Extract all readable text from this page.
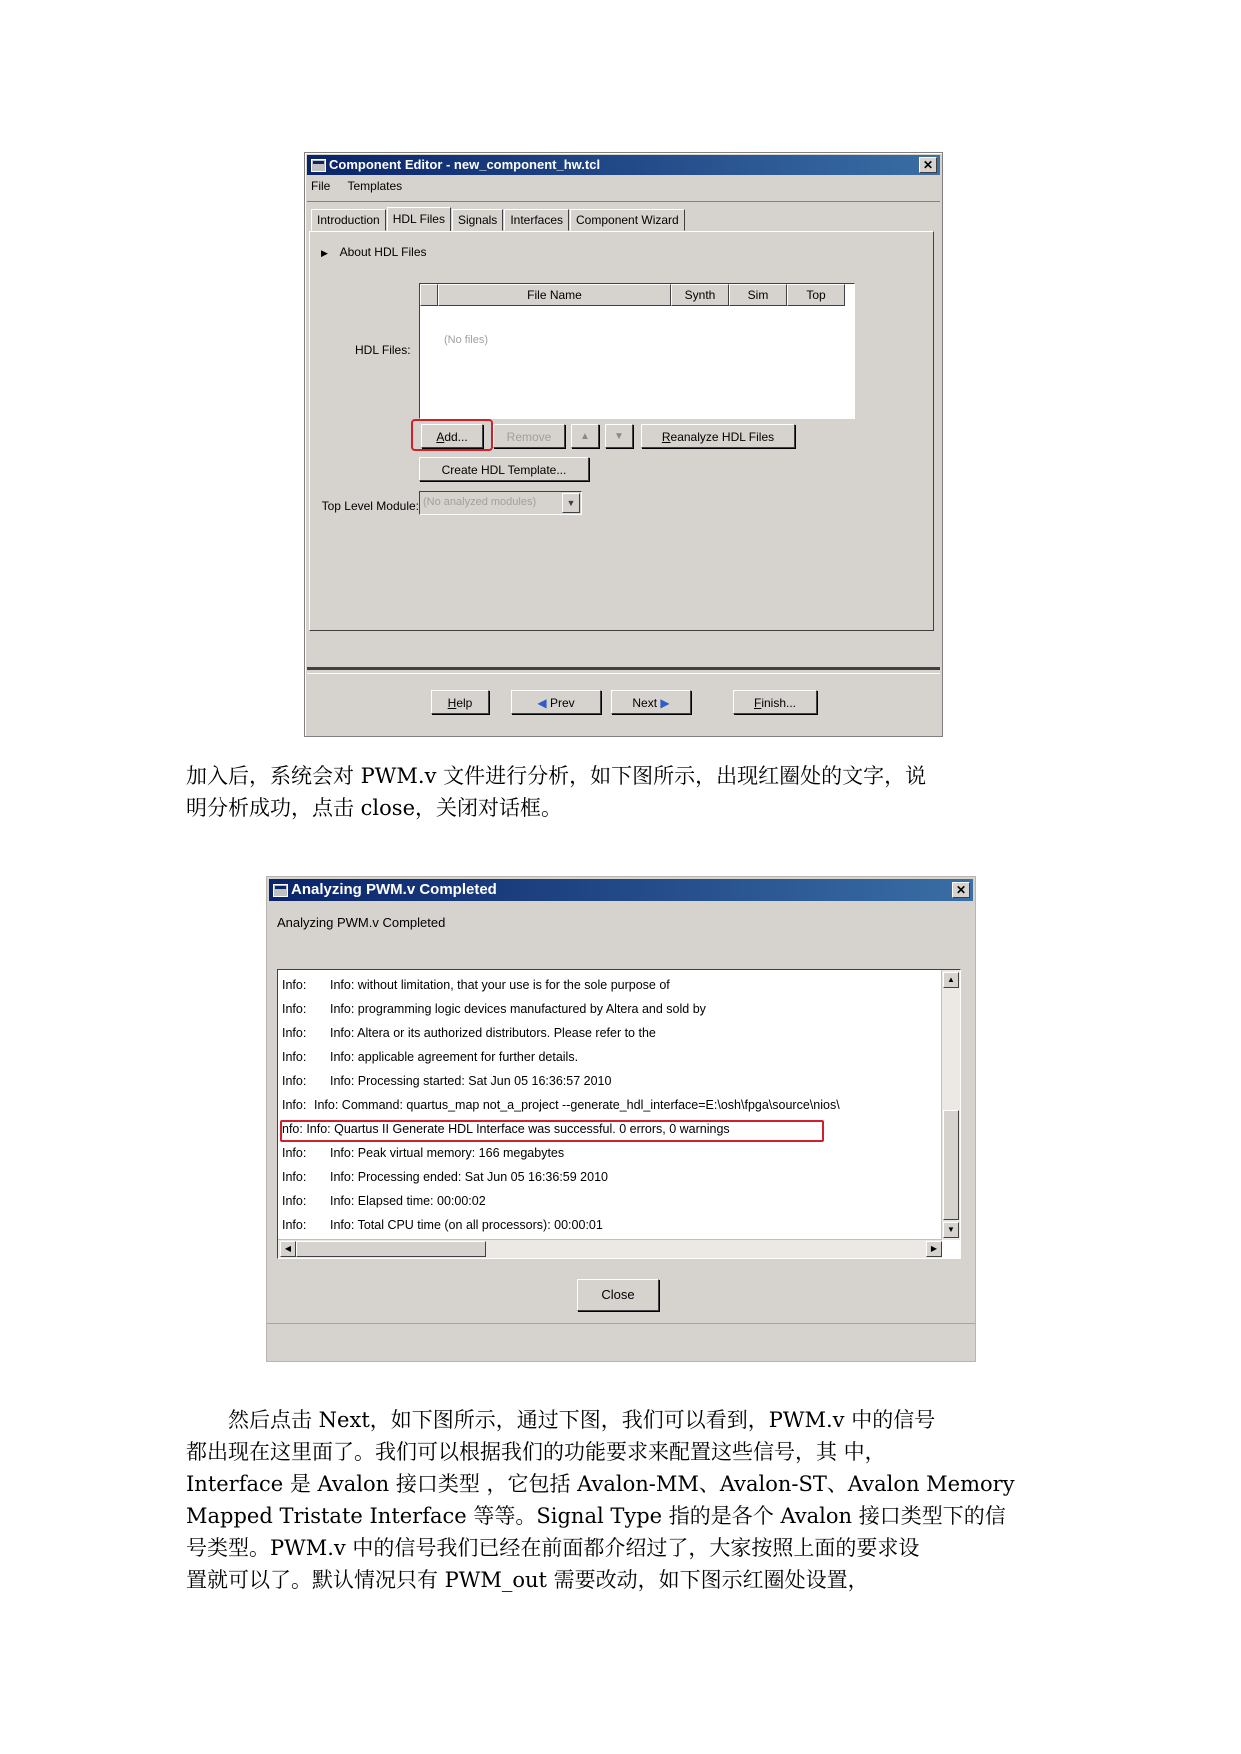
Component Editor - new_component_hw.tcl	✕
File Templates
Introduction	HDL Files	Signals	Interfaces	Component Wizard
▶ About HDL Files
HDL Files:
File Name	Synth	Sim	Top
(No files)
Add...	Remove	▲	▼	Reanalyze HDL Files
Create HDL Template...
Top Level Module: (No analyzed modules)	▼
Help	◀ Prev	Next ▶	Finish...
加入后，系统会对 PWM.v 文件进行分析，如下图所示，出现红圈处的文字，说
明分析成功，点击 close，关闭对话框。
Analyzing PWM.v Completed	✕
Analyzing PWM.v Completed
Info: Info: without limitation, that your use is for the sole purpose of
Info: Info: programming logic devices manufactured by Altera and sold by
Info: Info: Altera or its authorized distributors. Please refer to the
Info: Info: applicable agreement for further details.
Info: Info: Processing started: Sat Jun 05 16:36:57 2010
Info: Info: Command: quartus_map not_a_project --generate_hdl_interface=E:\osh\fpga\source\nios\
nfo: Info: Quartus II Generate HDL Interface was successful. 0 errors, 0 warnings
Info: Info: Peak virtual memory: 166 megabytes
Info: Info: Processing ended: Sat Jun 05 16:36:59 2010
Info: Info: Elapsed time: 00:00:02
Info: Info: Total CPU time (on all processors): 00:00:01
▲
▼
◀	▶
Close
然后点击 Next，如下图所示，通过下图，我们可以看到，PWM.v 中的信号
都出现在这里面了。我们可以根据我们的功能要求来配置这些信号，其 中，
Interface 是 Avalon 接口类型 ，它包括 Avalon-MM、Avalon-ST、Avalon Memory
Mapped Tristate Interface 等等。Signal Type 指的是各个 Avalon 接口类型下的信
号类型。PWM.v 中的信号我们已经在前面都介绍过了，大家按照上面的要求设
置就可以了。默认情况只有 PWM_out 需要改动，如下图示红圈处设置，
